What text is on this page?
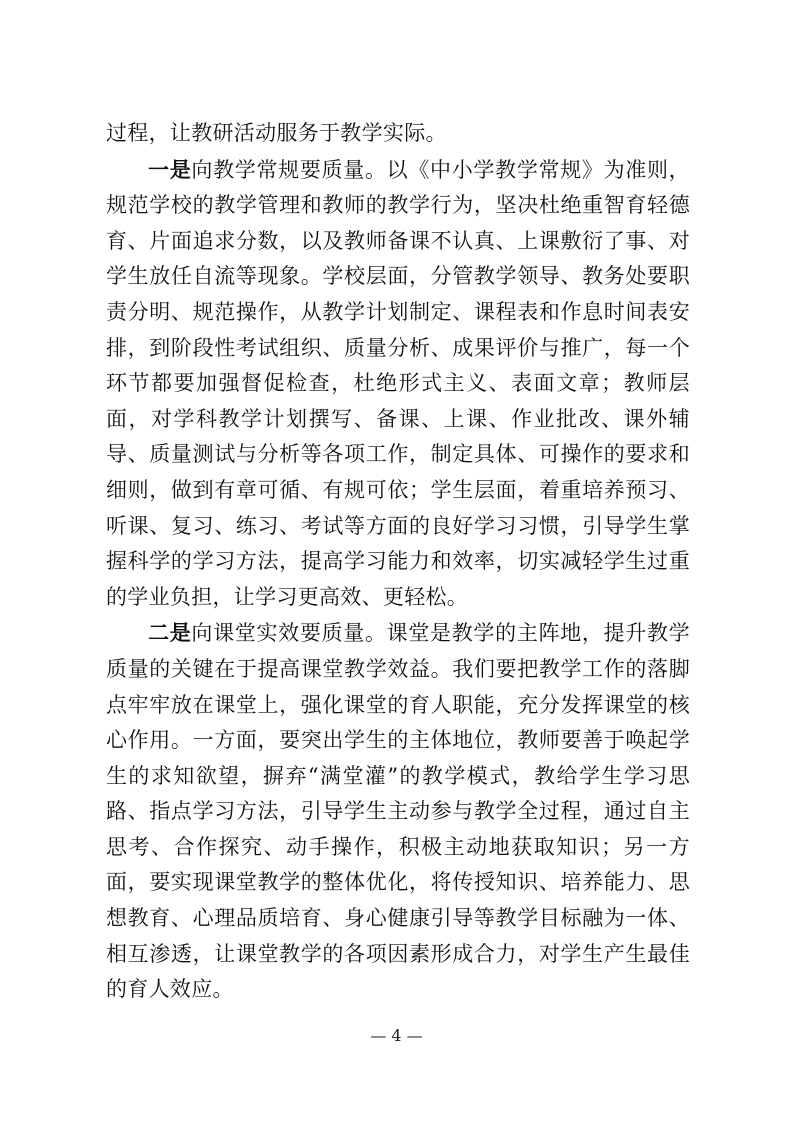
过程，让教研活动服务于教学实际。

一是向教学常规要质量。以《中小学教学常规》为准则，规范学校的教学管理和教师的教学行为，坚决杜绝重智育轻德育、片面追求分数，以及教师备课不认真、上课敷衍了事、对学生放任自流等现象。学校层面，分管教学领导、教务处要职责分明、规范操作，从教学计划制定、课程表和作息时间表安排，到阶段性考试组织、质量分析、成果评价与推广，每一个环节都要加强督促检查，杜绝形式主义、表面文章；教师层面，对学科教学计划撰写、备课、上课、作业批改、课外辅导、质量测试与分析等各项工作，制定具体、可操作的要求和细则，做到有章可循、有规可依；学生层面，着重培养预习、听课、复习、练习、考试等方面的良好学习习惯，引导学生掌握科学的学习方法，提高学习能力和效率，切实减轻学生过重的学业负担，让学习更高效、更轻松。

二是向课堂实效要质量。课堂是教学的主阵地，提升教学质量的关键在于提高课堂教学效益。我们要把教学工作的落脚点牢牢放在课堂上，强化课堂的育人职能，充分发挥课堂的核心作用。一方面，要突出学生的主体地位，教师要善于唤起学生的求知欲望，摒弃“满堂灌”的教学模式，教给学生学习思路、指点学习方法，引导学生主动参与教学全过程，通过自主思考、合作探究、动手操作，积极主动地获取知识；另一方面，要实现课堂教学的整体优化，将传授知识、培养能力、思想教育、心理品质培育、身心健康引导等教学目标融为一体、相互渗透，让课堂教学的各项因素形成合力，对学生产生最佳的育人效应。

— 4 —
